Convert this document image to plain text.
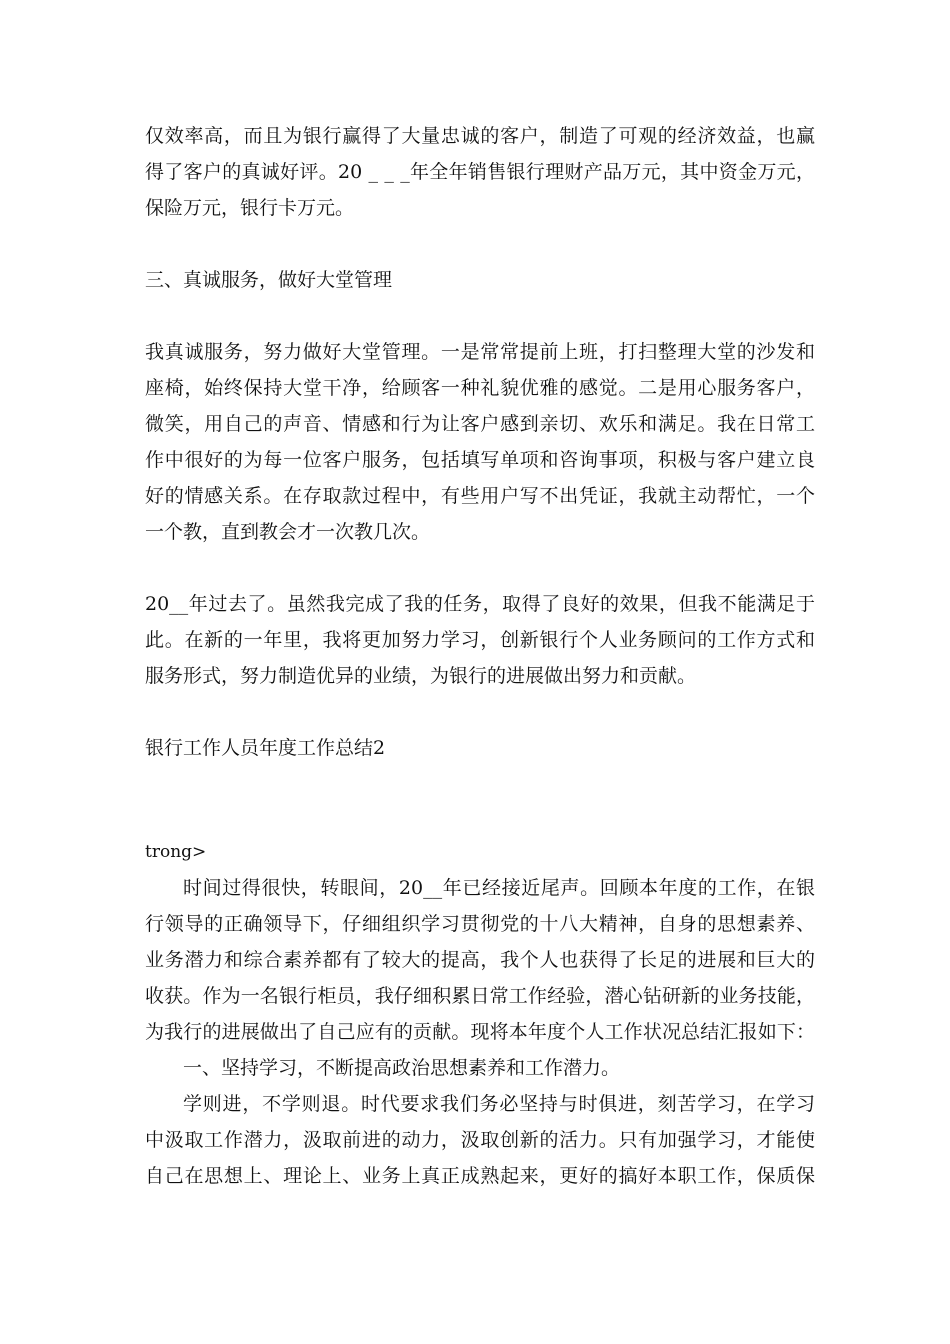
仅效率高，而且为银行赢得了大量忠诚的客户，制造了可观的经济效益，也赢
得了客户的真诚好评。20 _ _ _年全年销售银行理财产品万元，其中资金万元，
保险万元，银行卡万元。
三、真诚服务，做好大堂管理
我真诚服务，努力做好大堂管理。一是常常提前上班，打扫整理大堂的沙发和
座椅，始终保持大堂干净，给顾客一种礼貌优雅的感觉。二是用心服务客户，
微笑，用自己的声音、情感和行为让客户感到亲切、欢乐和满足。我在日常工
作中很好的为每一位客户服务，包括填写单项和咨询事项，积极与客户建立良
好的情感关系。在存取款过程中，有些用户写不出凭证，我就主动帮忙，一个
一个教，直到教会才一次教几次。
20__年过去了。虽然我完成了我的任务，取得了良好的效果，但我不能满足于
此。在新的一年里，我将更加努力学习，创新银行个人业务顾问的工作方式和
服务形式，努力制造优异的业绩，为银行的进展做出努力和贡献。
银行工作人员年度工作总结2
trong>
时间过得很快，转眼间，20__年已经接近尾声。回顾本年度的工作，在银
行领导的正确领导下，仔细组织学习贯彻党的十八大精神，自身的思想素养、
业务潜力和综合素养都有了较大的提高，我个人也获得了长足的进展和巨大的
收获。作为一名银行柜员，我仔细积累日常工作经验，潜心钻研新的业务技能，
为我行的进展做出了自己应有的贡献。现将本年度个人工作状况总结汇报如下：
一、坚持学习，不断提高政治思想素养和工作潜力。
学则进，不学则退。时代要求我们务必坚持与时俱进，刻苦学习，在学习
中汲取工作潜力，汲取前进的动力，汲取创新的活力。只有加强学习，才能使
自己在思想上、理论上、业务上真正成熟起来，更好的搞好本职工作，保质保
